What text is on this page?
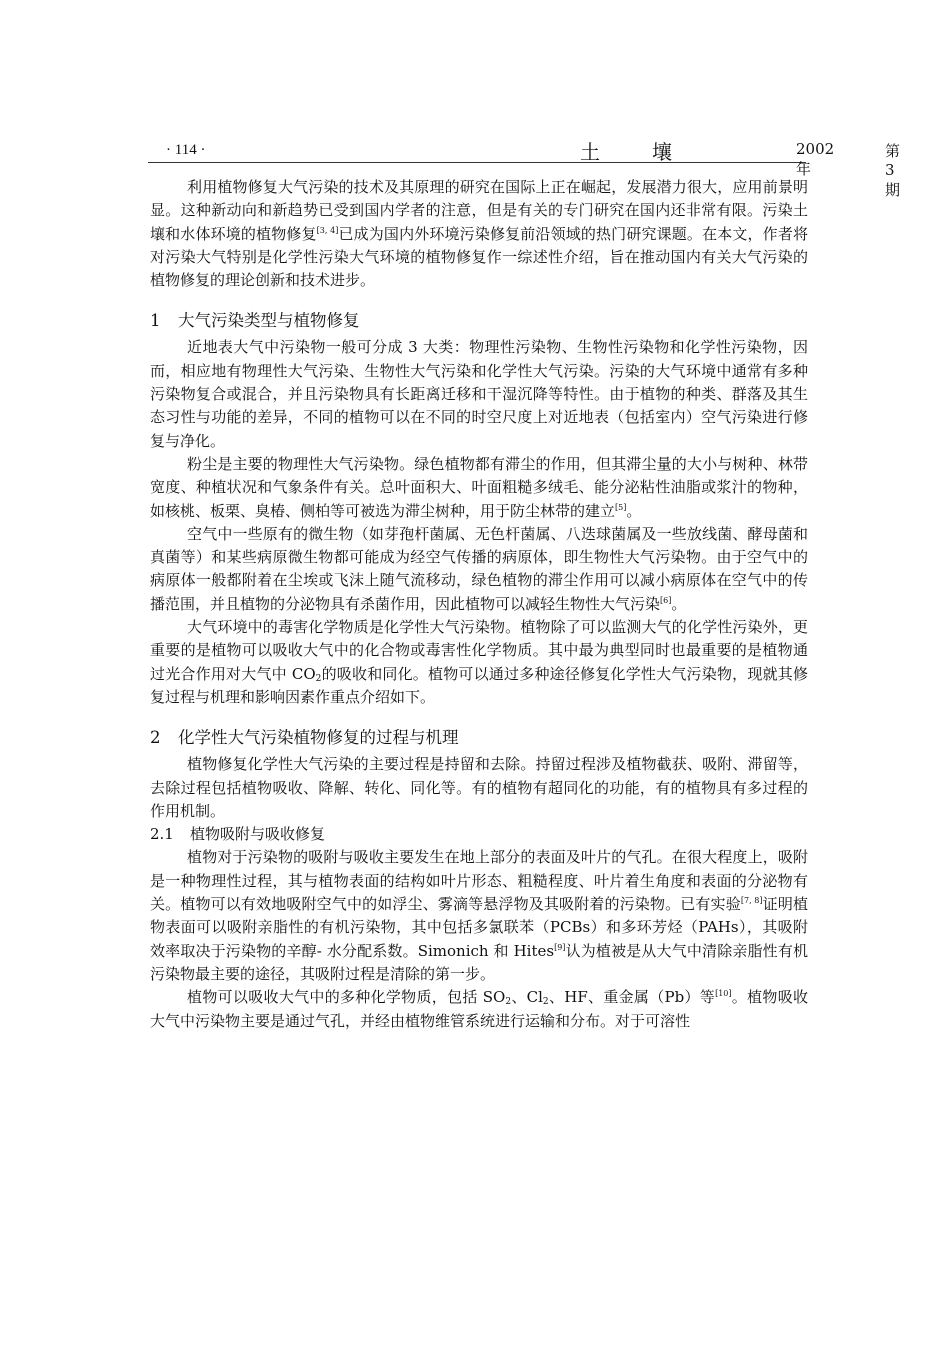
· 114 ·	土壤	2002 年
第 3 期

利用植物修复大气污染的技术及其原理的研究在国际上正在崛起，发展潜力很大，应用前景明显。这种新动向和新趋势已受到国内学者的注意，但是有关的专门研究在国内还非常有限。污染土壤和水体环境的植物修复[3, 4]已成为国内外环境污染修复前沿领域的热门研究课题。在本文，作者将对污染大气特别是化学性污染大气环境的植物修复作一综述性介绍，旨在推动国内有关大气污染的植物修复的理论创新和技术进步。

1 大气污染类型与植物修复

近地表大气中污染物一般可分成 3 大类：物理性污染物、生物性污染物和化学性污染物，因而，相应地有物理性大气污染、生物性大气污染和化学性大气污染。污染的大气环境中通常有多种污染物复合或混合，并且污染物具有长距离迁移和干湿沉降等特性。由于植物的种类、群落及其生态习性与功能的差异，不同的植物可以在不同的时空尺度上对近地表（包括室内）空气污染进行修复与净化。

粉尘是主要的物理性大气污染物。绿色植物都有滞尘的作用，但其滞尘量的大小与树种、林带宽度、种植状况和气象条件有关。总叶面积大、叶面粗糙多绒毛、能分泌粘性油脂或浆汁的物种，如核桃、板栗、臭椿、侧柏等可被选为滞尘树种，用于防尘林带的建立[5]。

空气中一些原有的微生物（如芽孢杆菌属、无色杆菌属、八迭球菌属及一些放线菌、酵母菌和真菌等）和某些病原微生物都可能成为经空气传播的病原体，即生物性大气污染物。由于空气中的病原体一般都附着在尘埃或飞沫上随气流移动，绿色植物的滞尘作用可以减小病原体在空气中的传播范围，并且植物的分泌物具有杀菌作用，因此植物可以减轻生物性大气污染[6]。

大气环境中的毒害化学物质是化学性大气污染物。植物除了可以监测大气的化学性污染外，更重要的是植物可以吸收大气中的化合物或毒害性化学物质。其中最为典型同时也最重要的是植物通过光合作用对大气中 $CO_2$的吸收和同化。植物可以通过多种途径修复化学性大气污染物，现就其修复过程与机理和影响因素作重点介绍如下。

2 化学性大气污染植物修复的过程与机理

植物修复化学性大气污染的主要过程是持留和去除。持留过程涉及植物截获、吸附、滞留等，去除过程包括植物吸收、降解、转化、同化等。有的植物有超同化的功能，有的植物具有多过程的作用机制。

2.1 植物吸附与吸收修复

植物对于污染物的吸附与吸收主要发生在地上部分的表面及叶片的气孔。在很大程度上，吸附是一种物理性过程，其与植物表面的结构如叶片形态、粗糙程度、叶片着生角度和表面的分泌物有关。植物可以有效地吸附空气中的如浮尘、雾滴等悬浮物及其吸附着的污染物。已有实验[7, 8]证明植物表面可以吸附亲脂性的有机污染物，其中包括多氯联苯（PCBs）和多环芳烃（PAHs），其吸附效率取决于污染物的辛醇- 水分配系数。Simonich 和 Hites[9]认为植被是从大气中清除亲脂性有机污染物最主要的途径，其吸附过程是清除的第一步。

植物可以吸收大气中的多种化学物质，包括 $SO_2$、$Cl_2$、HF、重金属（Pb）等[10]。植物吸收大气中污染物主要是通过气孔，并经由植物维管系统进行运输和分布。对于可溶性
